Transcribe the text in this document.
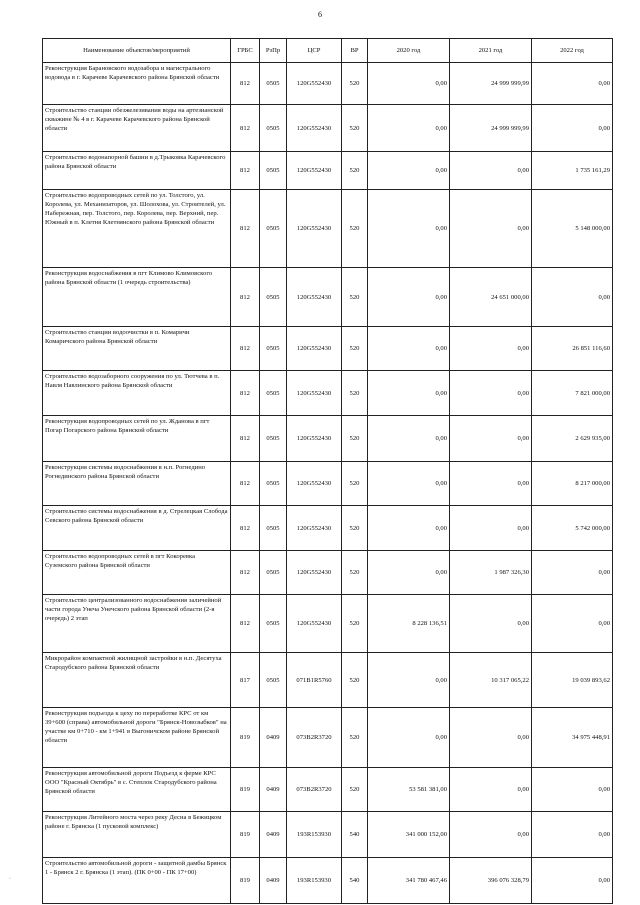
6
Наименование объектов/мероприятий	ГРБС	РзПр	ЦСР	ВР	2020 год	2021 год	2022 год
Реконструкция Барановского водозабора и магистрального водовода в г. Карачеве Карачевского района Брянской области	812	0505	120G552430	520	0,00	24 999 999,99	0,00
Строительство станции обезжелезивания воды на артезианской скважине № 4 в г. Карачеве Карачевского района Брянской области	812	0505	120G552430	520	0,00	24 999 999,99	0,00
Строительство водонапорной башни в д.Трыковка Карачевского района Брянской области	812	0505	120G552430	520	0,00	0,00	1 735 161,29
Строительство водопроводных сетей по ул. Толстого, ул. Королева, ул. Механизаторов, ул. Шолохова, ул. Строителей, ул. Набережная, пер. Толстого, пер. Королева, пер. Верхний, пер. Южный в п. Клетня Клетнянского района Брянской области	812	0505	120G552430	520	0,00	0,00	5 148 000,00
Реконструкция водоснабжения в пгт Климово Климовского района Брянской области (1 очередь строительства)	812	0505	120G552430	520	0,00	24 651 000,00	0,00
Строительство станции водоочистки в п. Комаричи Комаричского района Брянской области	812	0505	120G552430	520	0,00	0,00	26 851 116,60
Строительство водозаборного сооружения по ул. Тютчева в п. Навля Навлинского района Брянской области	812	0505	120G552430	520	0,00	0,00	7 821 000,00
Реконструкция водопроводных сетей по ул. Жданова в пгт Погар Погарского района Брянской области	812	0505	120G552430	520	0,00	0,00	2 629 935,00
Реконструкция системы водоснабжения в н.п. Рогнедино Рогнединского района Брянской области	812	0505	120G552430	520	0,00	0,00	8 217 000,00
Строительство системы водоснабжения в д. Стрелецкая Слобода Севского района Брянской области	812	0505	120G552430	520	0,00	0,00	5 742 000,00
Строительство водопроводных сетей в пгт Кокоревка Суземского района Брянской области	812	0505	120G552430	520	0,00	1 987 326,30	0,00
Строительство централизованного водоснабжения заличейной части города Унеча Унечского района Брянской области (2-я очередь) 2 этап	812	0505	120G552430	520	8 228 136,51	0,00	0,00
Микрорайон компактной жилищной застройки в н.п. Десятуха Стародубского района Брянской области	817	0505	071B1R5760	520	0,00	10 317 065,22	19 039 893,62
Реконструкция подъезда к цеху по переработке КРС от км 39+600 (справа) автомобильной дороги "Брянск-Новозыбков" на участке км 0+710 - км 1+941 в Выгоничском районе Брянской области	819	0409	073B2R3720	520	0,00	0,00	34 975 448,91
Реконструкция автомобильной дороги Подъезд к ферме КРС ООО "Красный Октябрь" в с. Степлок Стародубского района Брянской области	819	0409	073B2R3720	520	53 581 381,00	0,00	0,00
Реконструкция Литейного моста через реку Десна в Бежицком районе г. Брянска (1 пусковой комплекс)	819	0409	193R153930	540	341 000 152,00	0,00	0,00
Строительство автомобильной дороги - защитной дамбы Брянск 1 - Брянск 2 г. Брянска (1 этап). (ПК 0+00 - ПК 17+00)	819	0409	193R153930	540	341 780 467,46	396 076 328,79	0,00
·
